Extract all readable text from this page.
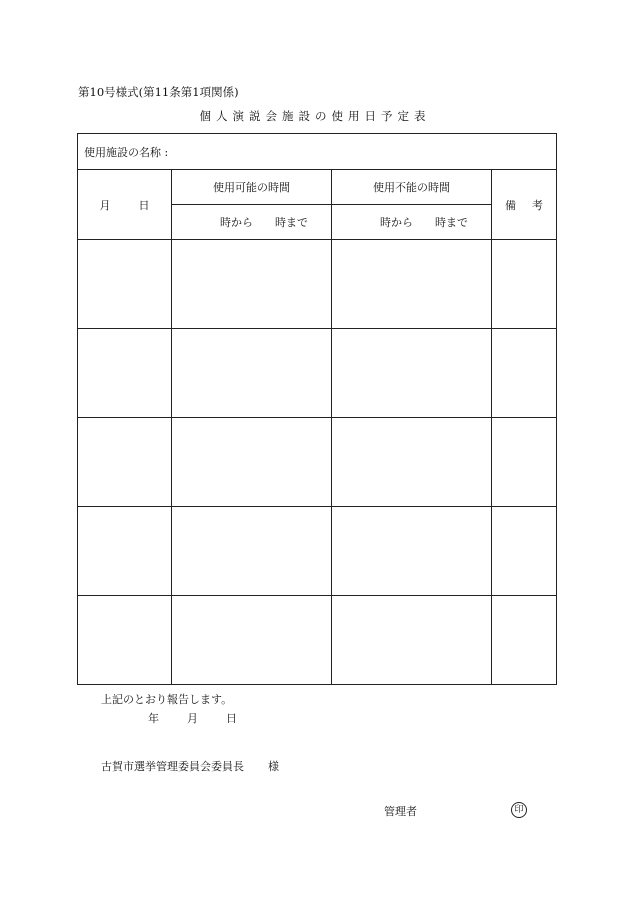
第10号様式(第11条第1項関係)
個人演説会施設の使用日予定表
使用施設の名称 :			
月 日	使用可能の時間	使用不能の時間	備 考
	時から 時まで	時から 時まで	

上記のとおり報告します。
年	月	日
古賀市選挙管理委員会委員長 様
管理者	印
